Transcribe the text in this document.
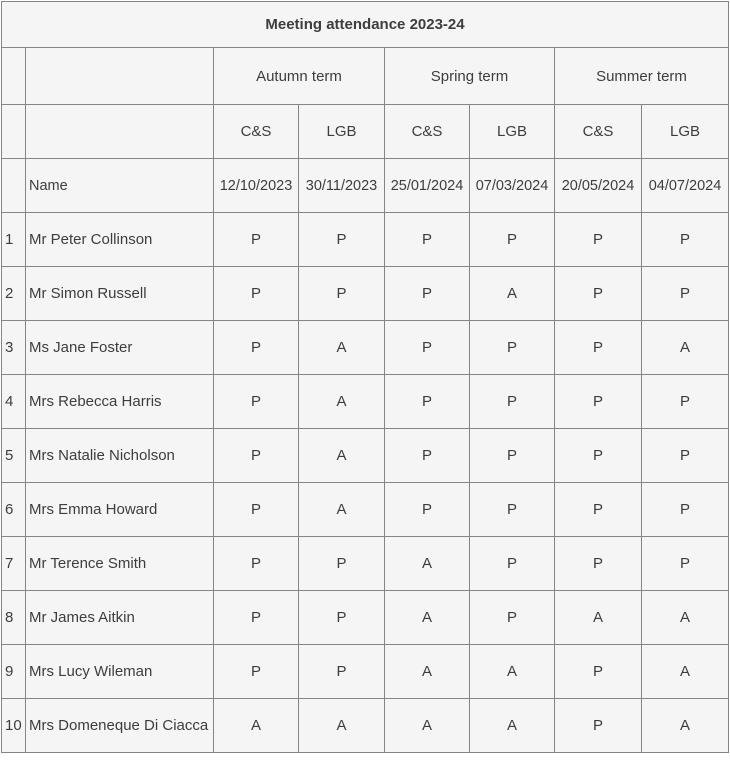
Meeting attendance 2023-24							
		Autumn term		Spring term		Summer term	
		C&S	LGB	C&S	LGB	C&S	LGB
	Name	12/10/2023	30/11/2023	25/01/2024	07/03/2024	20/05/2024	04/07/2024
1	Mr Peter Collinson	P	P	P	P	P	P
2	Mr Simon Russell	P	P	P	A	P	P
3	Ms Jane Foster	P	A	P	P	P	A
4	Mrs Rebecca Harris	P	A	P	P	P	P
5	Mrs Natalie Nicholson	P	A	P	P	P	P
6	Mrs Emma Howard	P	A	P	P	P	P
7	Mr Terence Smith	P	P	A	P	P	P
8	Mr James Aitkin	P	P	A	P	A	A
9	Mrs Lucy Wileman	P	P	A	A	P	A
10	Mrs Domeneque Di Ciacca	A	A	A	A	P	A
